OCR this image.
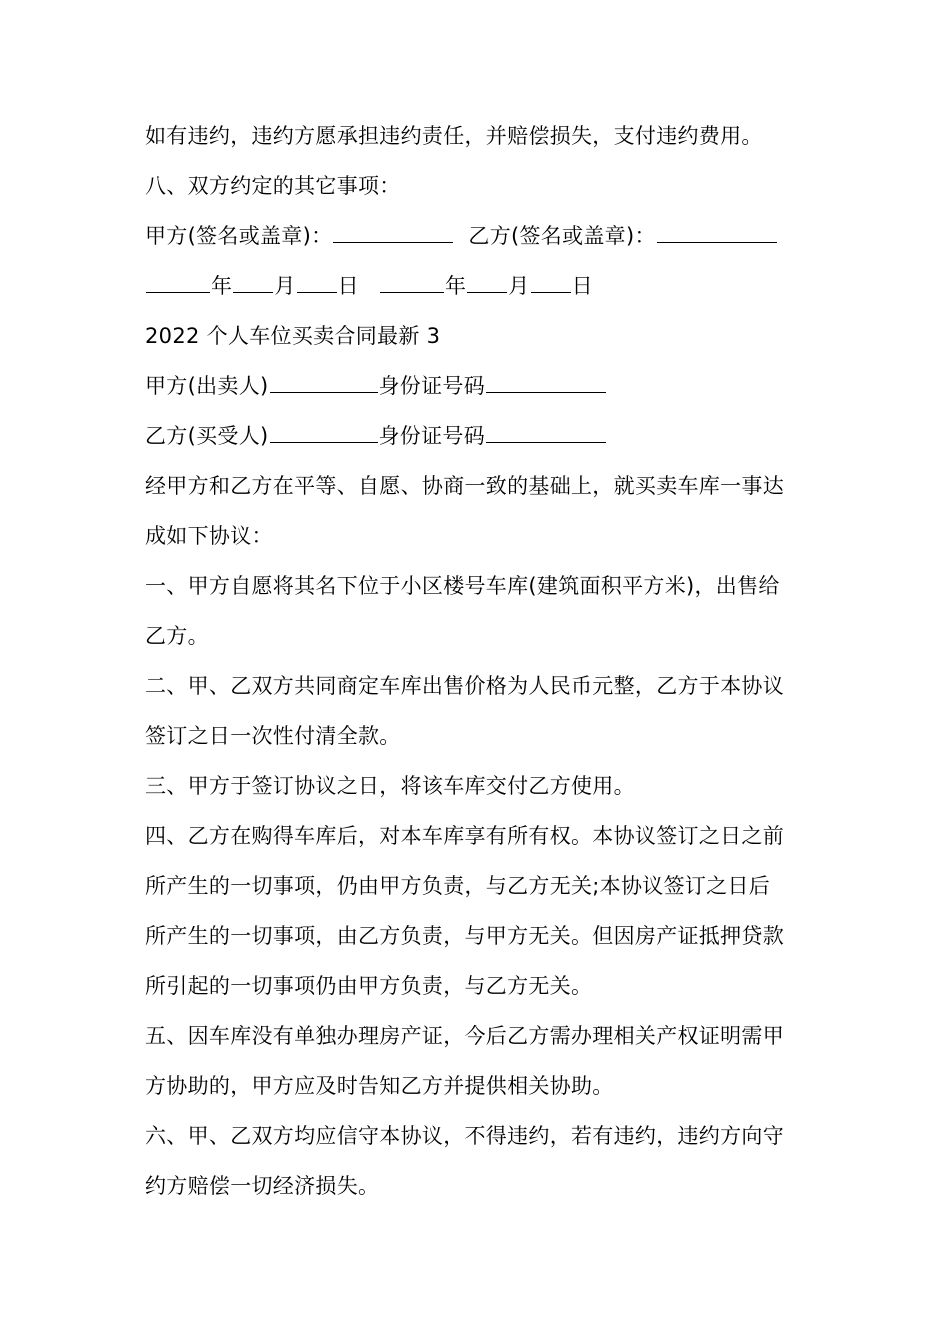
如有违约，违约方愿承担违约责任，并赔偿损失，支付违约费用。
八、双方约定的其它事项：
甲方(签名或盖章)：	乙方(签名或盖章)：
年 月 日	年 月 日
2022 个人车位买卖合同最新 3
甲方(出卖人)	身份证号码
乙方(买受人)	身份证号码
经甲方和乙方在平等、自愿、协商一致的基础上，就买卖车库一事达
成如下协议：
一、甲方自愿将其名下位于小区楼号车库(建筑面积平方米)，出售给
乙方。
二、甲、乙双方共同商定车库出售价格为人民币元整，乙方于本协议
签订之日一次性付清全款。
三、甲方于签订协议之日，将该车库交付乙方使用。
四、乙方在购得车库后，对本车库享有所有权。本协议签订之日之前
所产生的一切事项，仍由甲方负责，与乙方无关;本协议签订之日后
所产生的一切事项，由乙方负责，与甲方无关。但因房产证抵押贷款
所引起的一切事项仍由甲方负责，与乙方无关。
五、因车库没有单独办理房产证，今后乙方需办理相关产权证明需甲
方协助的，甲方应及时告知乙方并提供相关协助。
六、甲、乙双方均应信守本协议，不得违约，若有违约，违约方向守
约方赔偿一切经济损失。
